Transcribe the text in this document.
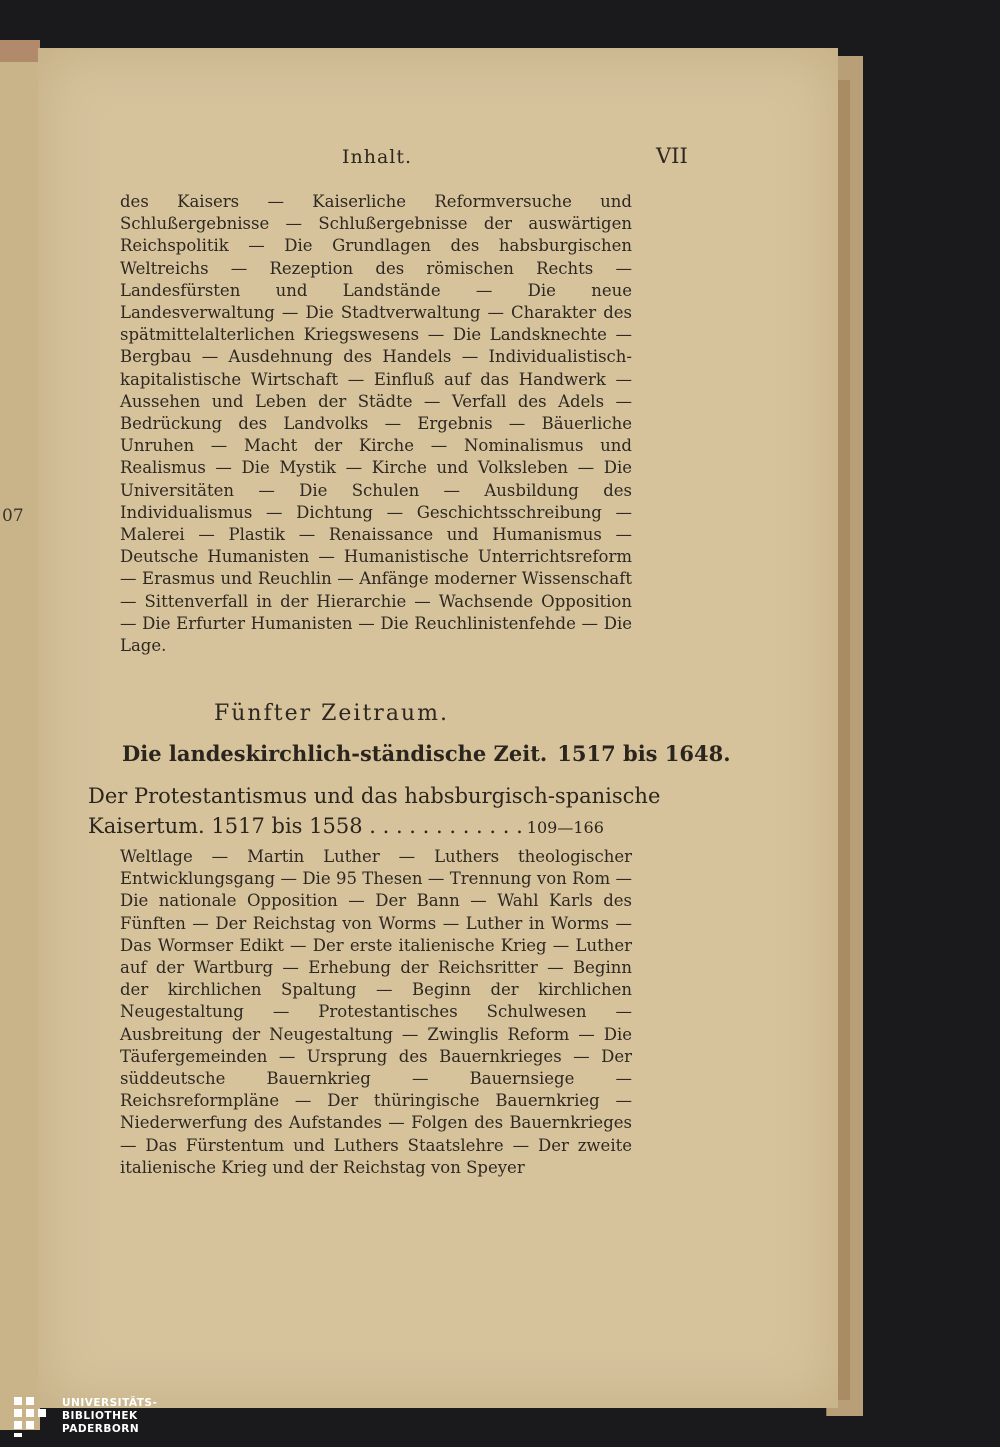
07
Inhalt.	VII
des Kaisers — Kaiserliche Reformversuche und Schlußergebnisse — Schlußergebnisse der auswärtigen Reichspolitik — Die Grundlagen des habsburgischen Weltreichs — Rezeption des römischen Rechts — Landesfürsten und Landstände — Die neue Landesverwaltung — Die Stadtverwaltung — Charakter des spätmittelalterlichen Kriegswesens — Die Landsknechte — Bergbau — Ausdehnung des Handels — Individualistisch-kapitalistische Wirtschaft — Einfluß auf das Handwerk — Aussehen und Leben der Städte — Verfall des Adels — Bedrückung des Landvolks — Ergebnis — Bäuerliche Unruhen — Macht der Kirche — Nominalismus und Realismus — Die Mystik — Kirche und Volksleben — Die Universitäten — Die Schulen — Ausbildung des Individualismus — Dichtung — Geschichtsschreibung — Malerei — Plastik — Renaissance und Humanismus — Deutsche Humanisten — Humanistische Unterrichtsreform — Erasmus und Reuchlin — Anfänge moderner Wissenschaft — Sittenverfall in der Hierarchie — Wachsende Opposition — Die Erfurter Humanisten — Die Reuchlinistenfehde — Die Lage.
Fünfter Zeitraum.
Die landeskirchlich-ständische Zeit. 1517 bis 1648.
Der Protestantismus und das habsburgisch-spanische
Kaisertum. 1517 bis 1558 . . . . . . . . . . . . 109—166
Weltlage — Martin Luther — Luthers theologischer Entwicklungsgang — Die 95 Thesen — Trennung von Rom — Die nationale Opposition — Der Bann — Wahl Karls des Fünften — Der Reichstag von Worms — Luther in Worms — Das Wormser Edikt — Der erste italienische Krieg — Luther auf der Wartburg — Erhebung der Reichsritter — Beginn der kirchlichen Spaltung — Beginn der kirchlichen Neugestaltung — Protestantisches Schulwesen — Ausbreitung der Neugestaltung — Zwinglis Reform — Die Täufergemeinden — Ursprung des Bauernkrieges — Der süddeutsche Bauernkrieg — Bauernsiege — Reichsreformpläne — Der thüringische Bauernkrieg — Niederwerfung des Aufstandes — Folgen des Bauernkrieges — Das Fürstentum und Luthers Staatslehre — Der zweite italienische Krieg und der Reichstag von Speyer
UNIVERSITÄTS-
BIBLIOTHEK
PADERBORN
